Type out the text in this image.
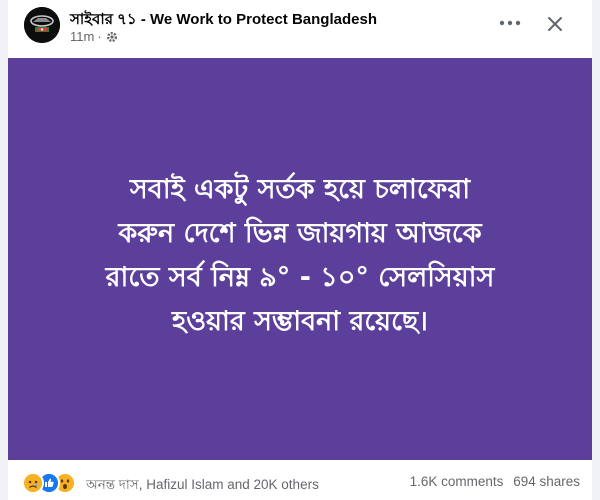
সাইবার ৭১ - We Work to Protect Bangladesh
11m ·
সবাই একটু সর্তক হয়ে চলাফেরা
করুন দেশে ভিন্ন জায়গায় আজকে
রাতে সর্ব নিম্ন ৯° - ১০° সেলসিয়াস
হওয়ার সম্ভাবনা রয়েছে।
অনন্ত দাস, Hafizul Islam and 20K others	1.6K comments 694 shares
